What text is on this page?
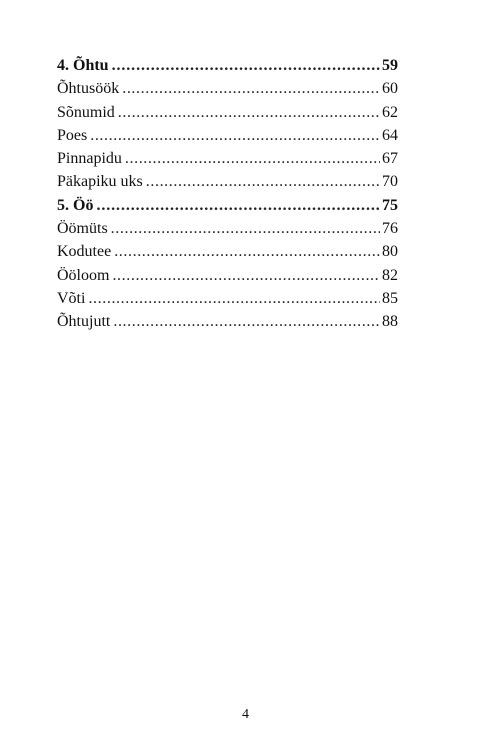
4. Õhtu .....	59
Õhtusöök .....	60
Sõnumid .....	62
Poes .....	64
Pinnapidu .....	67
Päkapiku uks .....	70
5. Öö .....	75
Öömüts .....	76
Kodutee .....	80
Ööloom .....	82
Võti .....	85
Õhtujutt .....	88
4
